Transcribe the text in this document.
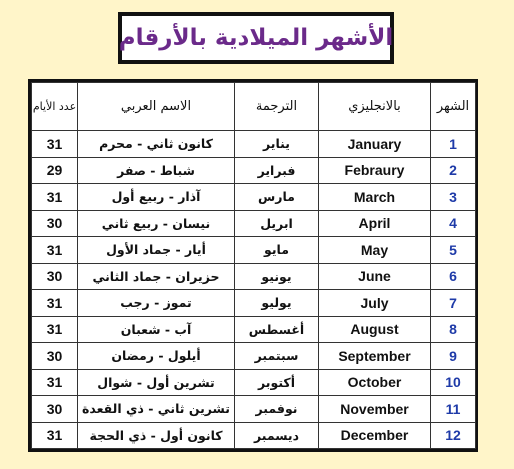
الأشهر الميلادية بالأرقام
عدد الأيام	الاسم العربي	الترجمة	بالانجليزي	الشهر
31	كانون ثاني - محرم	يناير	January	1
29	شباط - صفر	فبراير	Febraury	2
31	آذار - ربيع أول	مارس	March	3
30	نيسان - ربيع ثاني	ابريل	April	4
31	أيار - جماد الأول	مايو	May	5
30	حزيران - جماد الثاني	يونيو	June	6
31	تموز - رجب	يوليو	July	7
31	آب - شعبان	أغسطس	August	8
30	أيلول - رمضان	سبتمبر	September	9
31	تشرين أول - شوال	أكتوبر	October	10
30	تشرين ثاني - ذي القعدة	نوفمبر	November	11
31	كانون أول - ذي الحجة	ديسمبر	December	12
